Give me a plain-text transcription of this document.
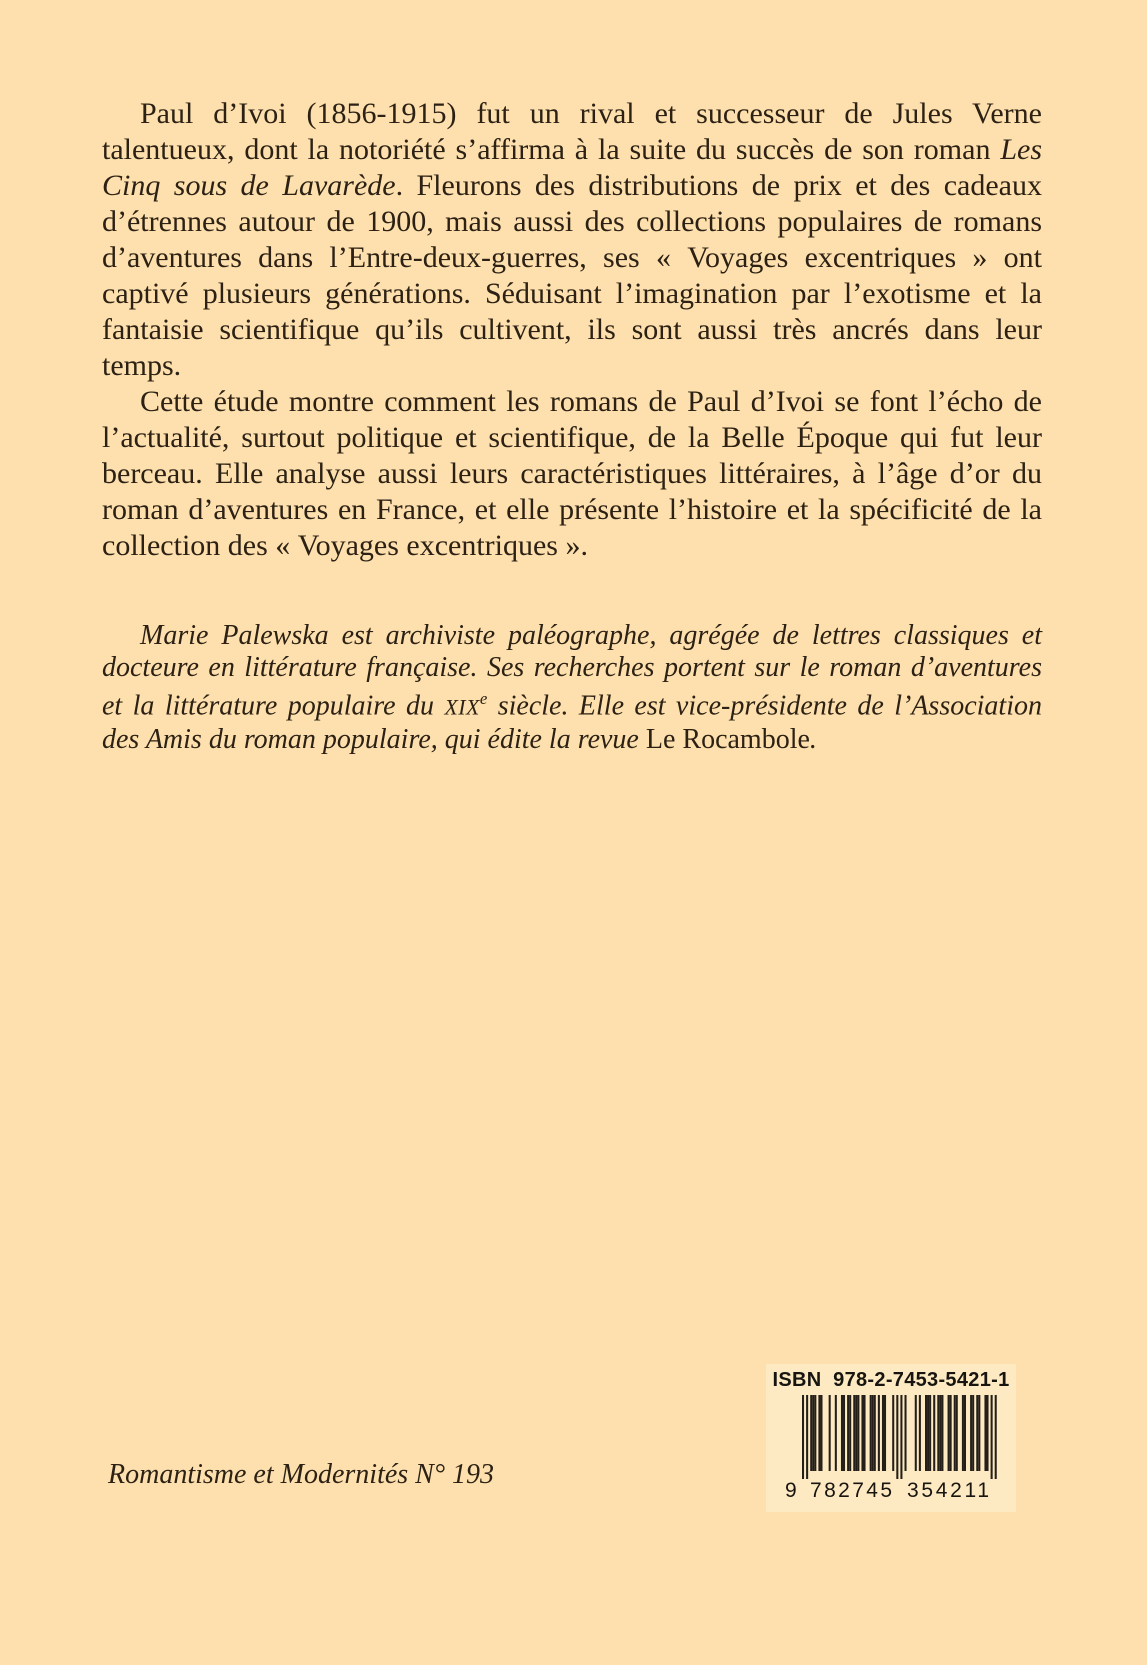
Paul d’Ivoi (1856-1915) fut un rival et successeur de Jules Verne talentueux, dont la notoriété s’affirma à la suite du succès de son roman Les Cinq sous de Lavarède. Fleurons des distributions de prix et des cadeaux d’étrennes autour de 1900, mais aussi des collections populaires de romans d’aventures dans l’Entre-deux-guerres, ses « Voyages excentriques » ont captivé plusieurs générations. Séduisant l’imagination par l’exotisme et la fantaisie scientifique qu’ils cultivent, ils sont aussi très ancrés dans leur temps.

Cette étude montre comment les romans de Paul d’Ivoi se font l’écho de l’actualité, surtout politique et scientifique, de la Belle Époque qui fut leur berceau. Elle analyse aussi leurs caractéristiques littéraires, à l’âge d’or du roman d’aventures en France, et elle présente l’histoire et la spécificité de la collection des « Voyages excentriques ».

Marie Palewska est archiviste paléographe, agrégée de lettres classiques et docteure en littérature française. Ses recherches portent sur le roman d’aventures et la littérature populaire du XIXe siècle. Elle est vice-présidente de l’Association des Amis du roman populaire, qui édite la revue Le Rocambole.

Romantisme et Modernités N° 193
ISBN  978-2-7453-5421-1
9 782745 354211
